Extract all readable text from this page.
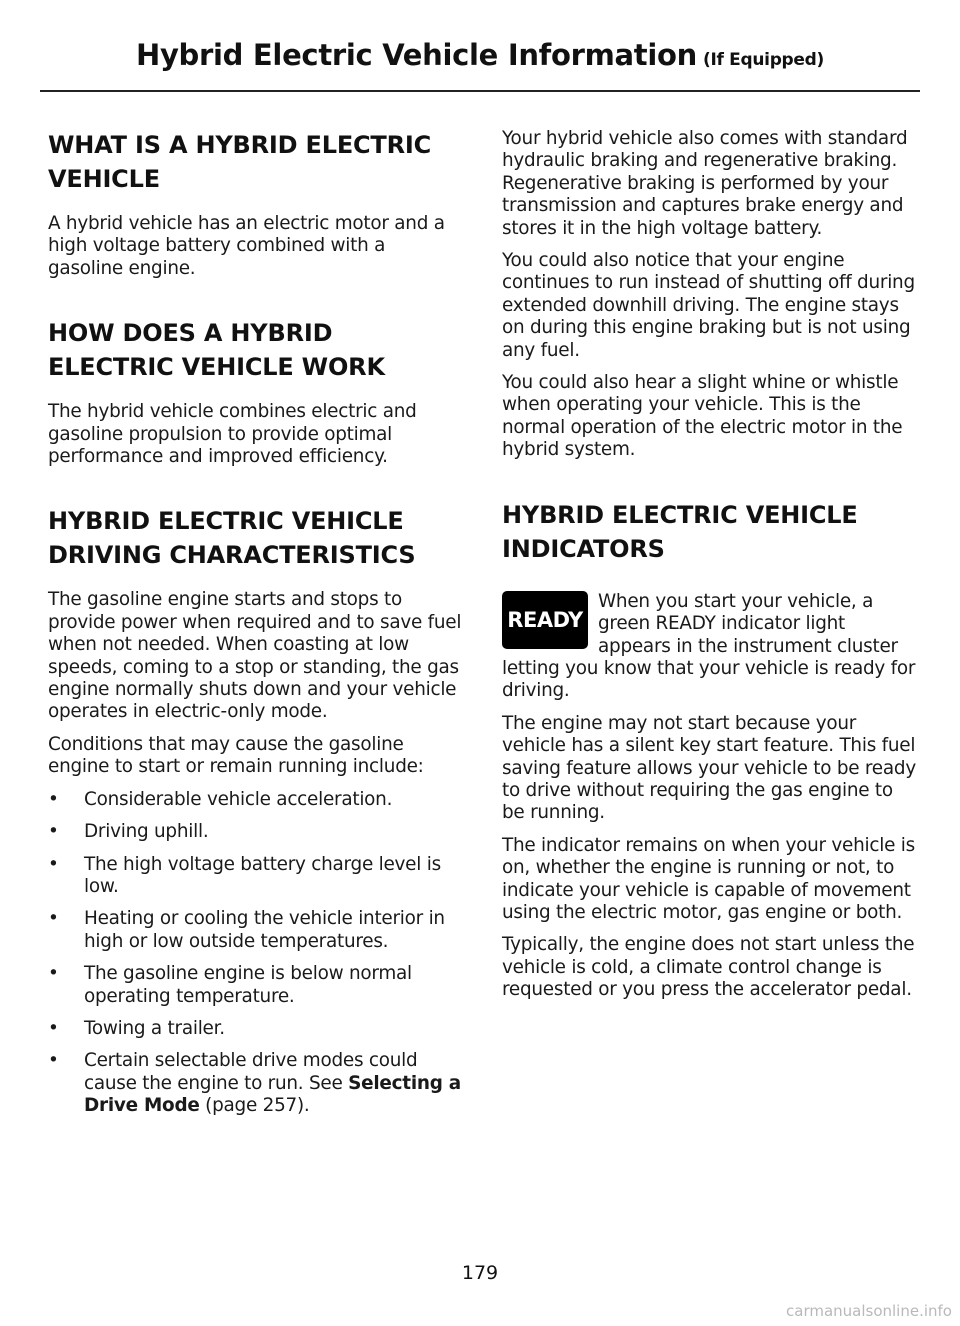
Hybrid Electric Vehicle Information (If Equipped)
WHAT IS A HYBRID ELECTRIC
VEHICLE

A hybrid vehicle has an electric motor and a high voltage battery combined with a gasoline engine.

HOW DOES A HYBRID
ELECTRIC VEHICLE WORK

The hybrid vehicle combines electric and gasoline propulsion to provide optimal performance and improved efficiency.

HYBRID ELECTRIC VEHICLE
DRIVING CHARACTERISTICS

The gasoline engine starts and stops to provide power when required and to save fuel when not needed. When coasting at low speeds, coming to a stop or standing, the gas engine normally shuts down and your vehicle operates in electric-only mode.

Conditions that may cause the gasoline engine to start or remain running include:

• Considerable vehicle acceleration.
• Driving uphill.
• The high voltage battery charge level is low.
• Heating or cooling the vehicle interior in high or low outside temperatures.
• The gasoline engine is below normal operating temperature.
• Towing a trailer.
• Certain selectable drive modes could cause the engine to run. See Selecting a Drive Mode (page 257).

Your hybrid vehicle also comes with standard hydraulic braking and regenerative braking. Regenerative braking is performed by your transmission and captures brake energy and stores it in the high voltage battery.

You could also notice that your engine continues to run instead of shutting off during extended downhill driving. The engine stays on during this engine braking but is not using any fuel.

You could also hear a slight whine or whistle when operating your vehicle. This is the normal operation of the electric motor in the hybrid system.

HYBRID ELECTRIC VEHICLE
INDICATORS
READY

When you start your vehicle, a green READY indicator light appears in the instrument cluster letting you know that your vehicle is ready for driving.

The engine may not start because your vehicle has a silent key start feature. This fuel saving feature allows your vehicle to be ready to drive without requiring the gas engine to be running.

The indicator remains on when your vehicle is on, whether the engine is running or not, to indicate your vehicle is capable of movement using the electric motor, gas engine or both.

Typically, the engine does not start unless the vehicle is cold, a climate control change is requested or you press the accelerator pedal.

179
carmanualsonline.info
